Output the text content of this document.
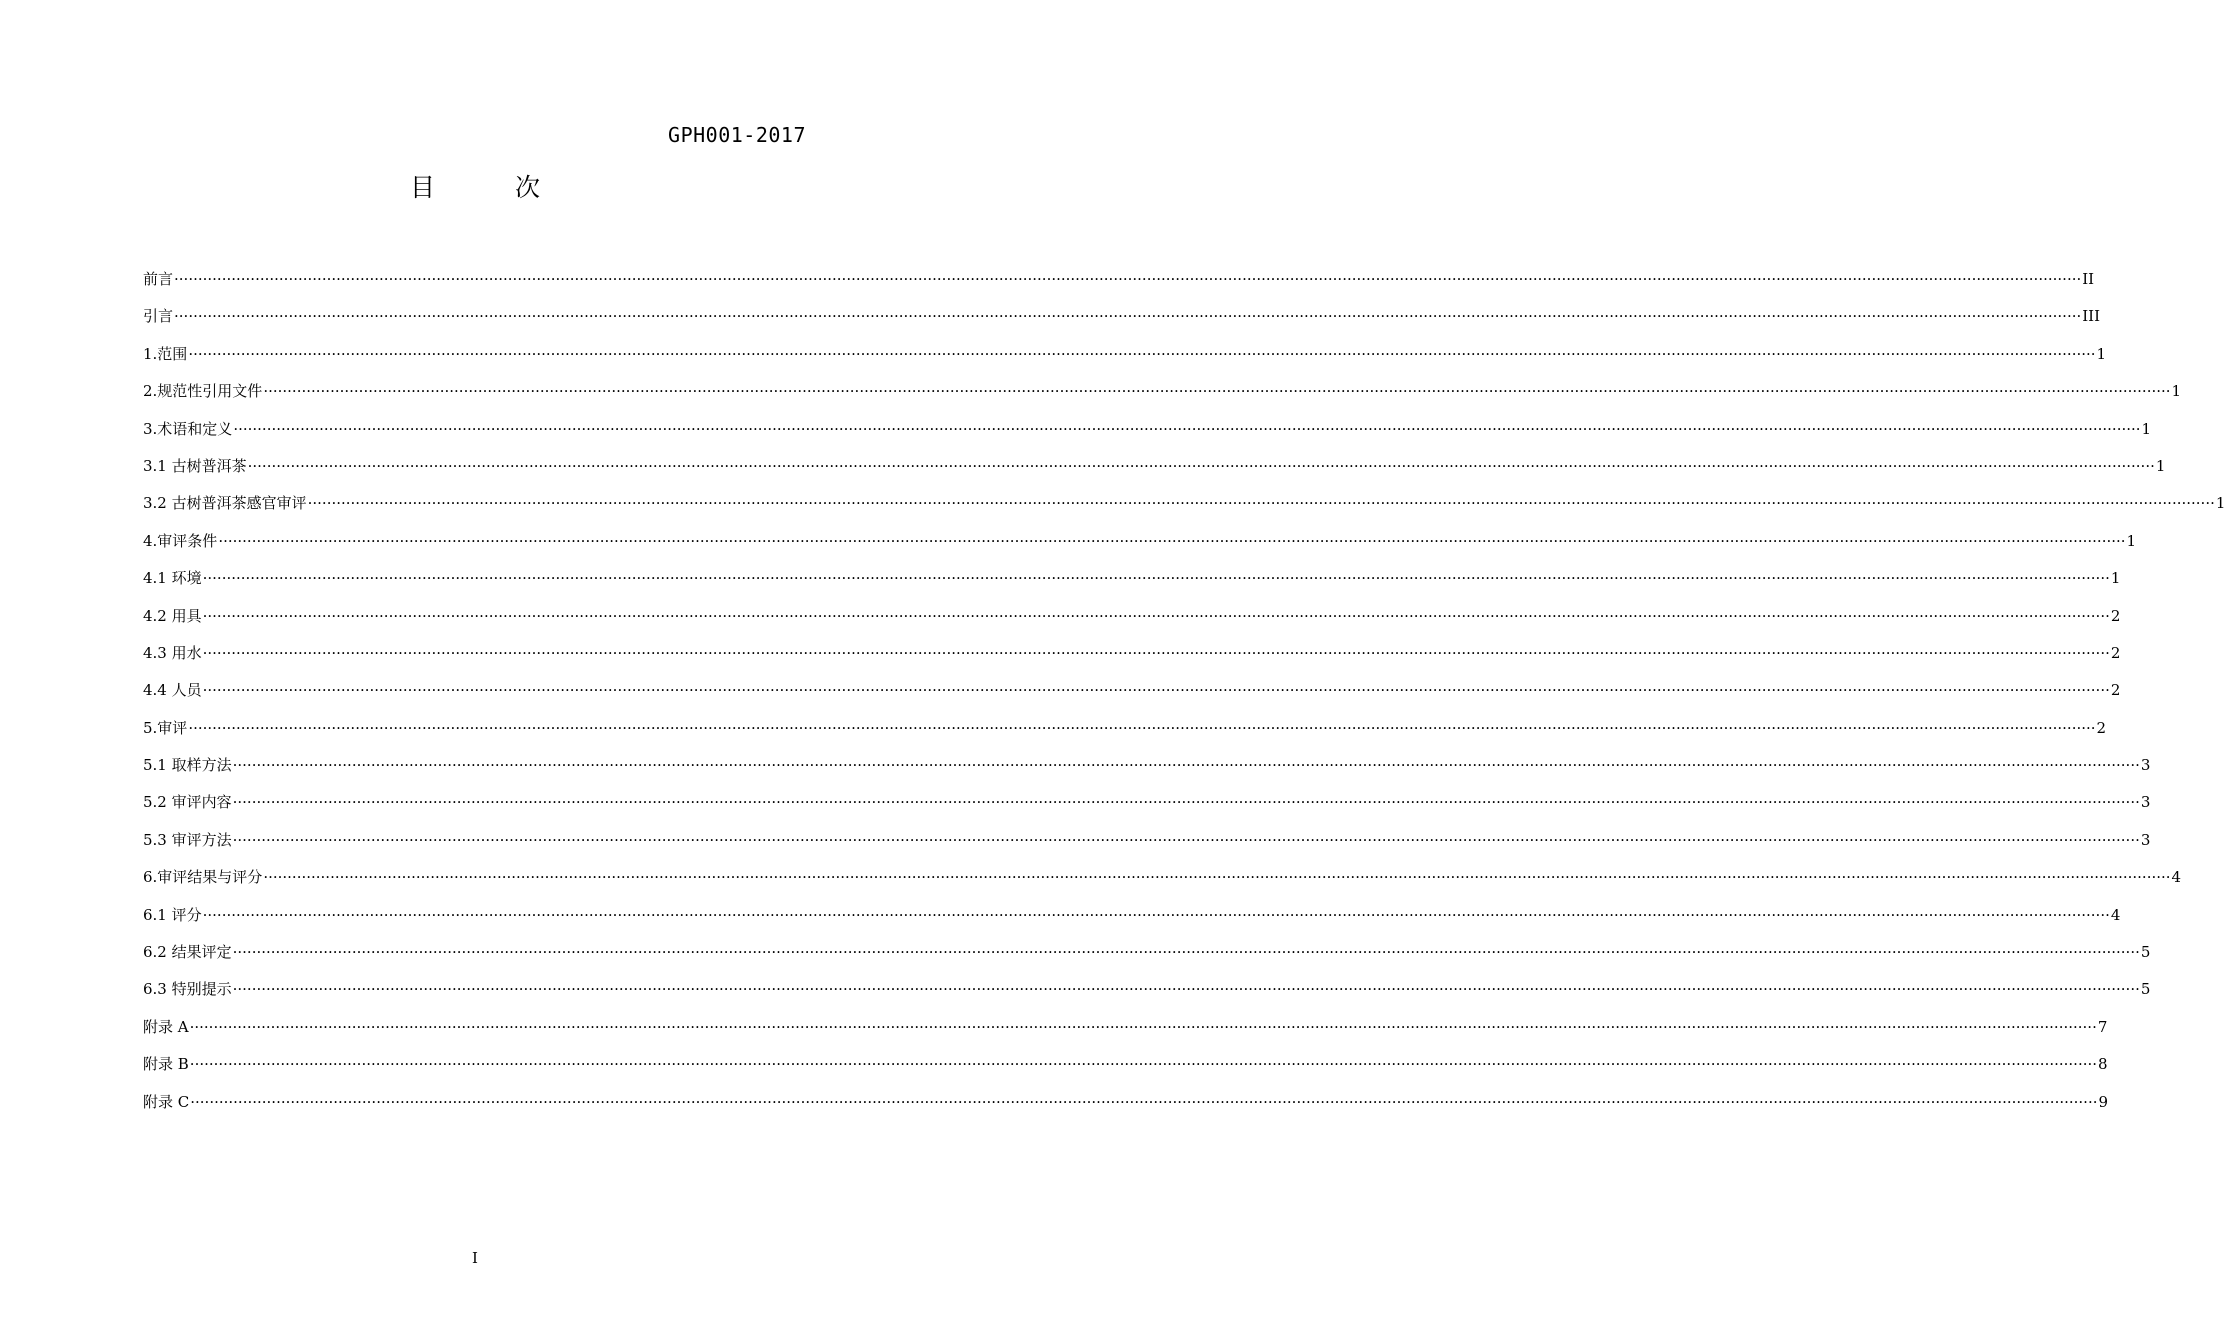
GPH001-2017
目 次
前言 ················································································································································································································································································································································································································ II
引言 ················································································································································································································································································································································································································ III
1.范围 ················································································································································································································································································································································································································ 1
2.规范性引用文件 ················································································································································································································································································································································································································ 1
3.术语和定义 ················································································································································································································································································································································································································ 1
3.1 古树普洱茶 ················································································································································································································································································································································································································ 1
3.2 古树普洱茶感官审评 ················································································································································································································································································································································································································ 1
4.审评条件 ················································································································································································································································································································································································································ 1
4.1 环境 ················································································································································································································································································································································································································ 1
4.2 用具 ················································································································································································································································································································································································································ 2
4.3 用水 ················································································································································································································································································································································································································ 2
4.4 人员 ················································································································································································································································································································································································································ 2
5.审评 ················································································································································································································································································································································································································ 2
5.1 取样方法 ················································································································································································································································································································································································································ 3
5.2 审评内容 ················································································································································································································································································································································································································ 3
5.3 审评方法 ················································································································································································································································································································································································································ 3
6.审评结果与评分 ················································································································································································································································································································································································································ 4
6.1 评分 ················································································································································································································································································································································································································ 4
6.2 结果评定 ················································································································································································································································································································································································································ 5
6.3 特别提示 ················································································································································································································································································································································································································ 5
附录 A ················································································································································································································································································································································································································ 7
附录 B ················································································································································································································································································································································································································ 8
附录 C ················································································································································································································································································································································································································ 9
I
